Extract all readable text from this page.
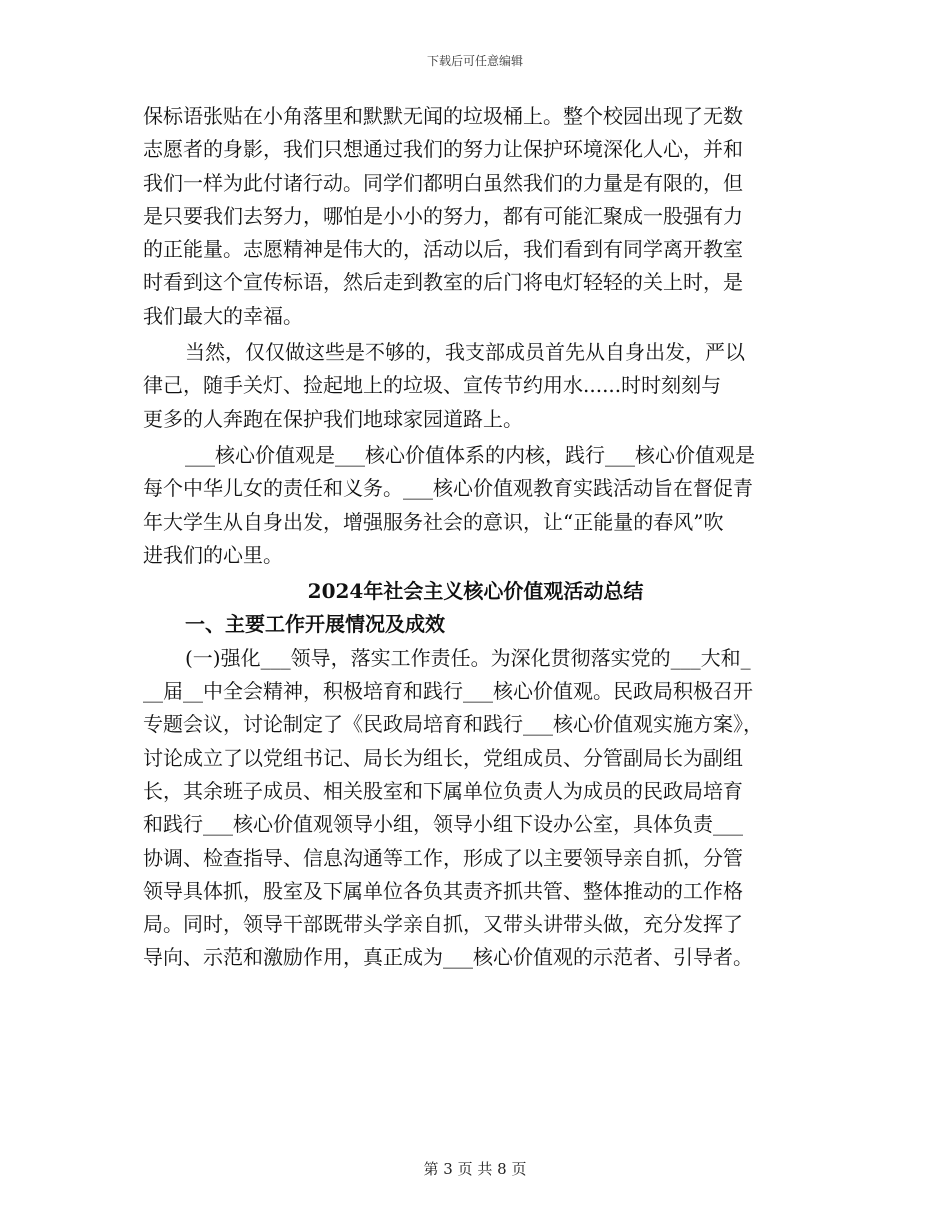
下载后可任意编辑
保标语张贴在小角落里和默默无闻的垃圾桶上。整个校园出现了无数
志愿者的身影，我们只想通过我们的努力让保护环境深化人心，并和
我们一样为此付诸行动。同学们都明白虽然我们的力量是有限的，但
是只要我们去努力，哪怕是小小的努力，都有可能汇聚成一股强有力
的正能量。志愿精神是伟大的，活动以后，我们看到有同学离开教室
时看到这个宣传标语，然后走到教室的后门将电灯轻轻的关上时，是
我们最大的幸福。
当然，仅仅做这些是不够的，我支部成员首先从自身出发，严以
律己，随手关灯、捡起地上的垃圾、宣传节约用水......时时刻刻与
更多的人奔跑在保护我们地球家园道路上。
___核心价值观是___核心价值体系的内核，践行___核心价值观是
每个中华儿女的责任和义务。___核心价值观教育实践活动旨在督促青
年大学生从自身出发，增强服务社会的意识，让“正能量的春风”吹
进我们的心里。
2024年社会主义核心价值观活动总结
一、主要工作开展情况及成效
(一)强化___领导，落实工作责任。为深化贯彻落实党的___大和_
__届__中全会精神，积极培育和践行___核心价值观。民政局积极召开
专题会议，讨论制定了《民政局培育和践行___核心价值观实施方案》，
讨论成立了以党组书记、局长为组长，党组成员、分管副局长为副组
长，其余班子成员、相关股室和下属单位负责人为成员的民政局培育
和践行___核心价值观领导小组，领导小组下设办公室，具体负责___
协调、检查指导、信息沟通等工作，形成了以主要领导亲自抓，分管
领导具体抓，股室及下属单位各负其责齐抓共管、整体推动的工作格
局。同时，领导干部既带头学亲自抓，又带头讲带头做，充分发挥了
导向、示范和激励作用，真正成为___核心价值观的示范者、引导者。
第 3 页 共 8 页
